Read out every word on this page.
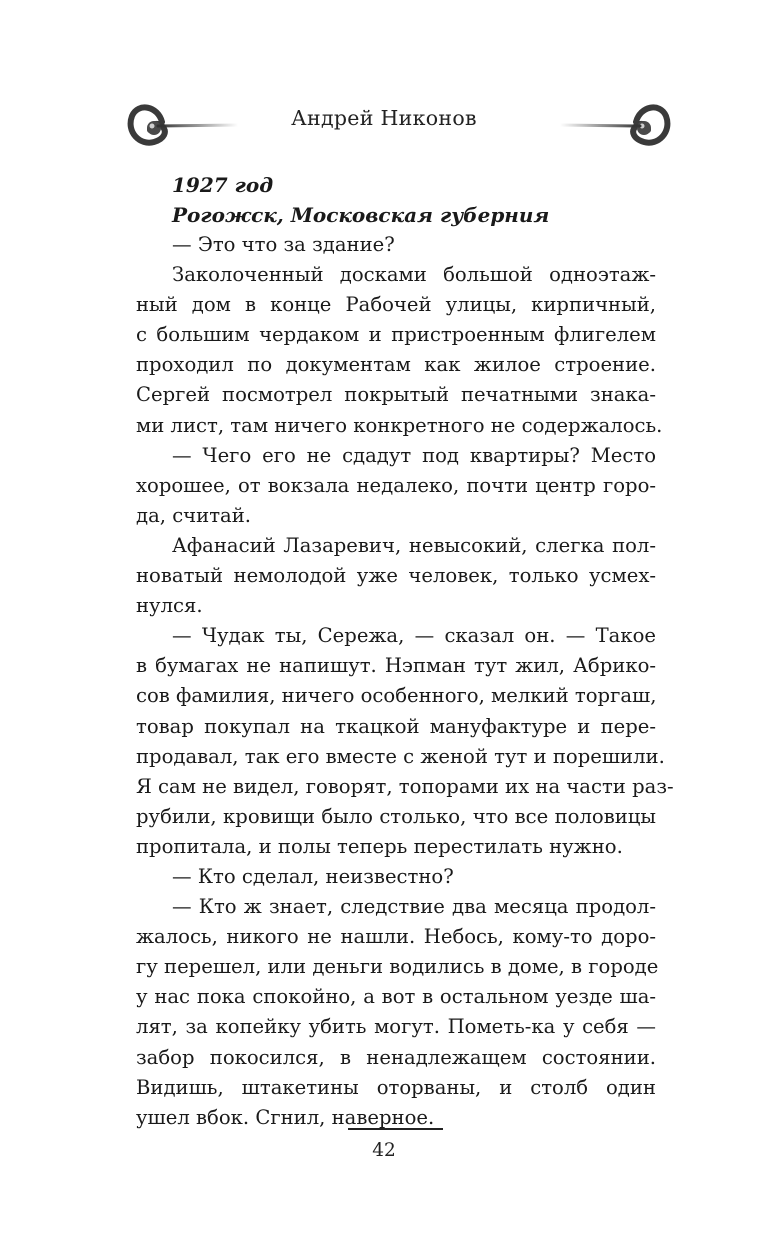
Андрей Никонов
1927 год
Рогожск, Московская губерния
— Это что за здание?
Заколоченный досками большой одноэтаж-
ный дом в конце Рабочей улицы, кирпичный,
с большим чердаком и пристроенным флигелем
проходил по документам как жилое строение.
Сергей посмотрел покрытый печатными знака-
ми лист, там ничего конкретного не содержалось.
— Чего его не сдадут под квартиры? Место
хорошее, от вокзала недалеко, почти центр горо-
да, считай.
Афанасий Лазаревич, невысокий, слегка пол-
новатый немолодой уже человек, только усмех-
нулся.
— Чудак ты, Сережа, — сказал он. — Такое
в бумагах не напишут. Нэпман тут жил, Абрико-
сов фамилия, ничего особенного, мелкий торгаш,
товар покупал на ткацкой мануфактуре и пере-
продавал, так его вместе с женой тут и порешили.
Я сам не видел, говорят, топорами их на части раз-
рубили, кровищи было столько, что все половицы
пропитала, и полы теперь перестилать нужно.
— Кто сделал, неизвестно?
— Кто ж знает, следствие два месяца продол-
жалось, никого не нашли. Небось, кому-то доро-
гу перешел, или деньги водились в доме, в городе
у нас пока спокойно, а вот в остальном уезде ша-
лят, за копейку убить могут. Пометь-ка у себя —
забор покосился, в ненадлежащем состоянии.
Видишь, штакетины оторваны, и столб один
ушел вбок. Сгнил, наверное.
42
